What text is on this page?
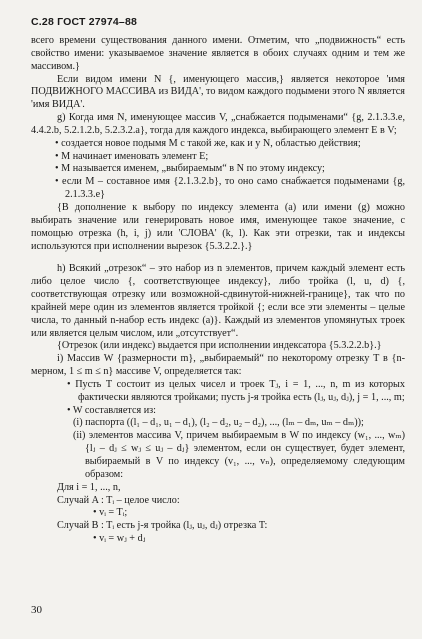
С.28 ГОСТ 27974–88

всего времени существования данного имени. Отметим, что „подвижность“ есть свойство имени: указываемое значение является в обоих случаях одним и тем же массивом.}

Если видом имени N {, именующего массив,} является некоторое 'имя ПОДВИЖНОГО МАССИВА из ВИДА', то видом каждого подымени этого N является 'имя ВИДА'.

g) Когда имя N, именующее массив V, „снабжается подыменами“ {g, 2.1.3.3.e, 4.4.2.b, 5.2.1.2.b, 5.2.3.2.a}, тогда для каждого индекса, выбирающего элемент E в V;

• создается новое подымя M с такой же, как и у N, областью действия;

• M начинает именовать элемент E;

• M называется именем, „выбираемым“ в N по этому индексу;

• если M – составное имя {2.1.3.2.b}, то оно само снабжается подыменами {g, 2.1.3.3.e}

{В дополнение к выбору по индексу элемента (a) или имени (g) можно выбирать значение или генерировать новое имя, именующее такое значение, с помощью отрезка (h, i, j) или 'СЛОВА' (k, l). Как эти отрезки, так и индексы используются при исполнении вырезок {5.3.2.2.}.}

h) Всякий „отрезок“ – это набор из n элементов, причем каждый элемент есть либо целое число {, соответствующее индексу}, либо тройка (l, u, d) {, соответствующая отрезку или возможной-сдвинутой-нижней-границе}, так что по крайней мере один из элементов является тройкой {; если все эти элементы – целые числа, то данный n-набор есть индекс (a)}. Каждый из элементов упомянутых троек или является целым числом, или „отсутствует“.

{Отрезок (или индекс) выдается при исполнении индексатора {5.3.2.2.b}.}

i) Массив W {размерности m}, „выбираемый“ по некоторому отрезку T в {n-мерном, 1 ≤ m ≤ n} массиве V, определяется так:

• Пусть T состоит из целых чисел и троек Tⱼ, i = 1, ..., n, m из которых фактически являются тройками; пусть j-я тройка есть (lⱼ, uⱼ, dⱼ), j = 1, ..., m;

• W составляется из:

(i) паспорта ((l₁ – d₁, u₁ – d₁), (l₂ – d₂, u₂ – d₂), ..., (lₘ – dₘ, uₘ – dₘ));

(ii) элементов массива V, причем выбираемым в W по индексу (w₁, ..., wₘ) {lⱼ – dⱼ ≤ wⱼ ≤ uⱼ – dⱼ} элементом, если он существует, будет элемент, выбираемый в V по индексу (v₁, ..., vₙ), определяемому следующим образом:

Для i = 1, ..., n,

Случай A : Tᵢ – целое число:

• vᵢ = Tᵢ;

Случай B : Tᵢ есть j-я тройка (lⱼ, uⱼ, dⱼ) отрезка T:

• vᵢ = wⱼ + dⱼ

30
